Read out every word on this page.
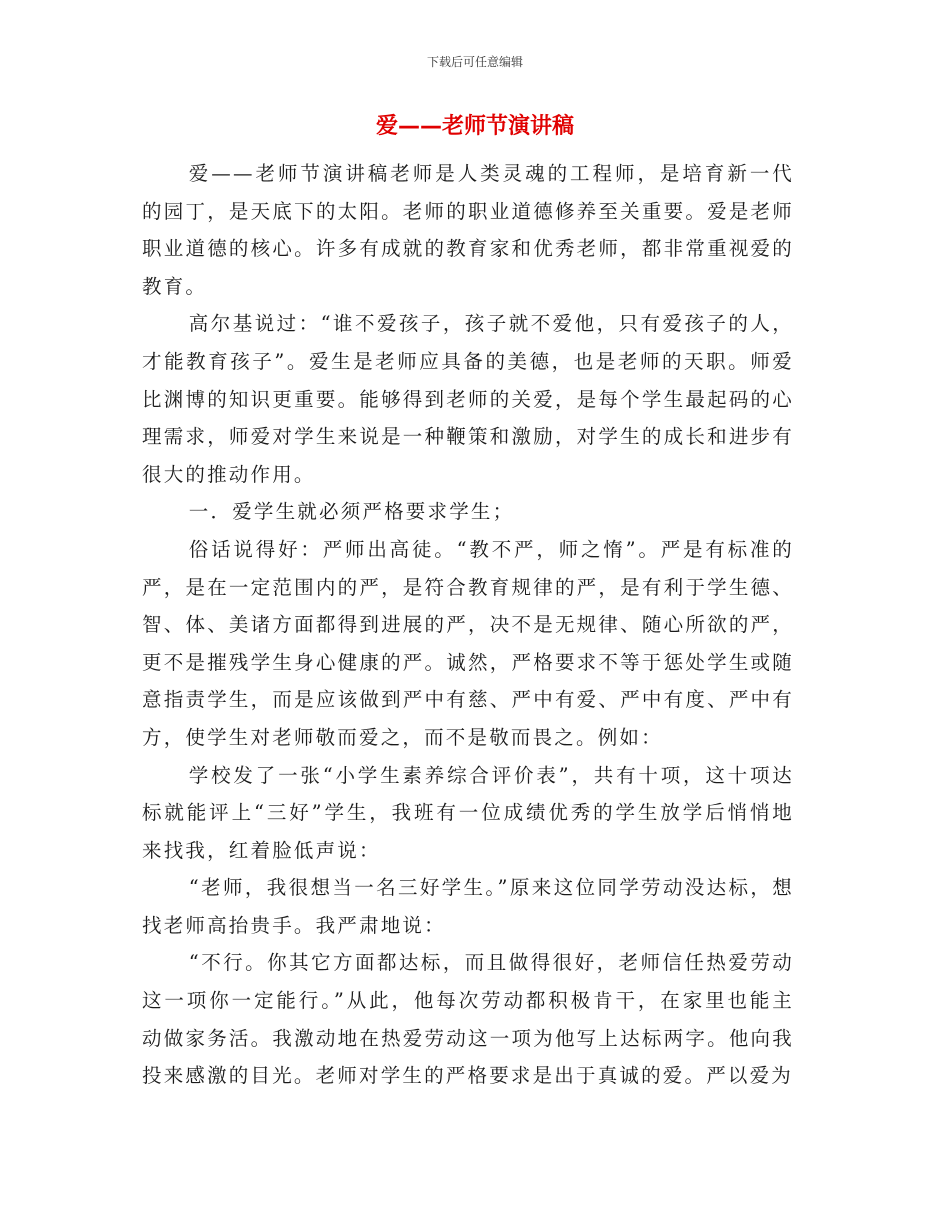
下载后可任意编辑
爱——老师节演讲稿

爱——老师节演讲稿老师是人类灵魂的工程师，是培育新一代的园丁，是天底下的太阳。老师的职业道德修养至关重要。爱是老师职业道德的核心。许多有成就的教育家和优秀老师，都非常重视爱的教育。

高尔基说过：“谁不爱孩子，孩子就不爱他，只有爱孩子的人，才能教育孩子”。爱生是老师应具备的美德，也是老师的天职。师爱比渊博的知识更重要。能够得到老师的关爱，是每个学生最起码的心理需求，师爱对学生来说是一种鞭策和激励，对学生的成长和进步有很大的推动作用。

一．爱学生就必须严格要求学生；

俗话说得好：严师出高徒。“教不严，师之惰”。严是有标准的严，是在一定范围内的严，是符合教育规律的严，是有利于学生德、智、体、美诸方面都得到进展的严，决不是无规律、随心所欲的严，更不是摧残学生身心健康的严。诚然，严格要求不等于惩处学生或随意指责学生，而是应该做到严中有慈、严中有爱、严中有度、严中有方，使学生对老师敬而爱之，而不是敬而畏之。例如：

学校发了一张“小学生素养综合评价表”，共有十项，这十项达标就能评上“三好”学生，我班有一位成绩优秀的学生放学后悄悄地来找我，红着脸低声说：

“老师，我很想当一名三好学生。”原来这位同学劳动没达标，想找老师高抬贵手。我严肃地说：

“不行。你其它方面都达标，而且做得很好，老师信任热爱劳动这一项你一定能行。”从此，他每次劳动都积极肯干，在家里也能主动做家务活。我激动地在热爱劳动这一项为他写上达标两字。他向我投来感激的目光。老师对学生的严格要求是出于真诚的爱。严以爱为
